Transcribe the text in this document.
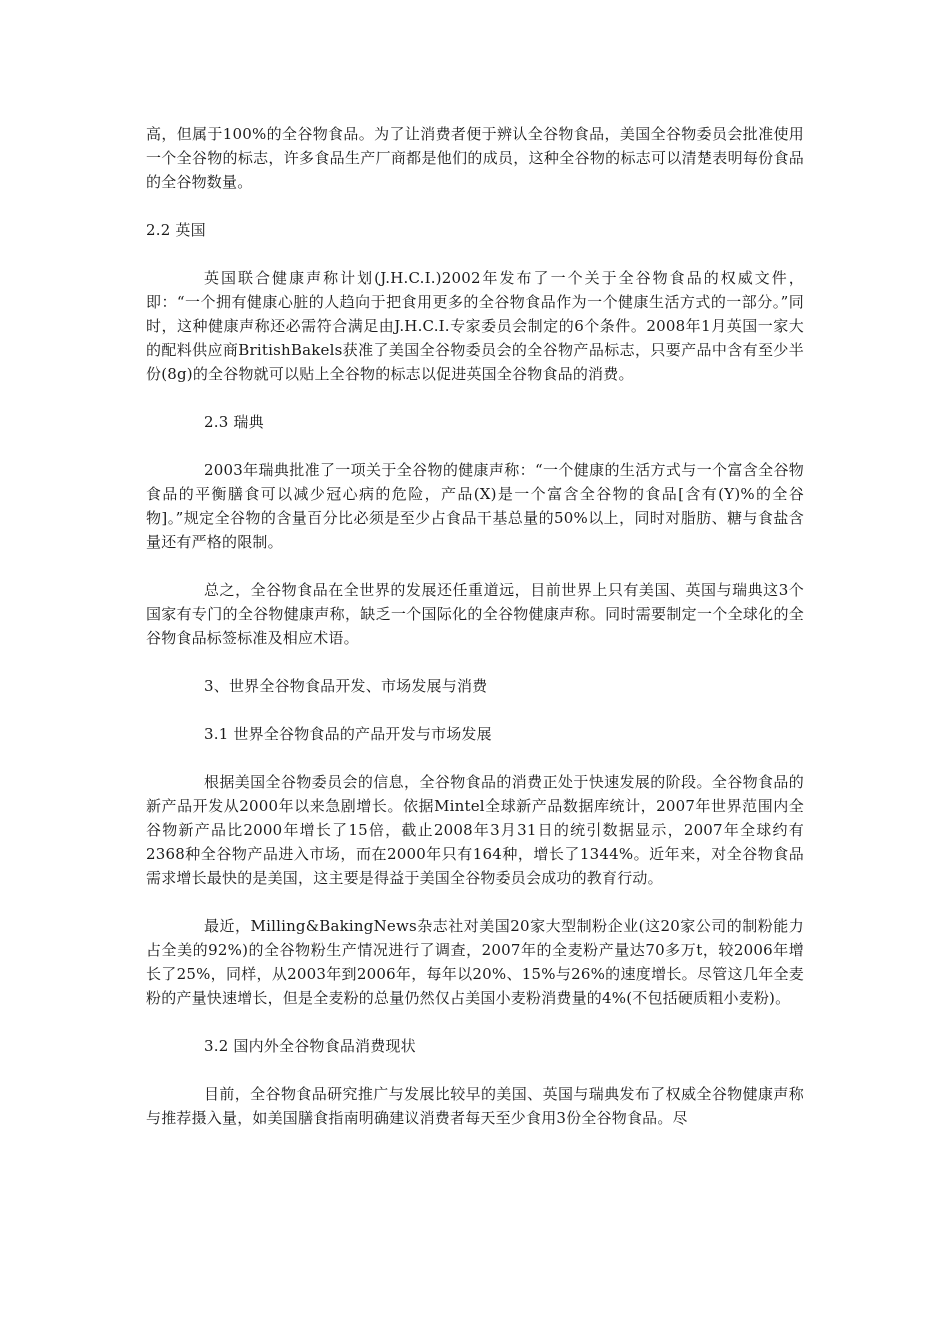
高，但属于100%的全谷物食品。为了让消费者便于辨认全谷物食品，美国全谷物委员会批准使用一个全谷物的标志，许多食品生产厂商都是他们的成员，这种全谷物的标志可以清楚表明每份食品的全谷物数量。

2.2 英国

英国联合健康声称计划(J.H.C.I.)2002年发布了一个关于全谷物食品的权威文件，即：“一个拥有健康心脏的人趋向于把食用更多的全谷物食品作为一个健康生活方式的一部分。”同时，这种健康声称还必需符合满足由J.H.C.I.专家委员会制定的6个条件。2008年1月英国一家大的配料供应商BritishBakels获准了美国全谷物委员会的全谷物产品标志，只要产品中含有至少半份(8g)的全谷物就可以贴上全谷物的标志以促进英国全谷物食品的消费。

2.3 瑞典

2003年瑞典批准了一项关于全谷物的健康声称：“一个健康的生活方式与一个富含全谷物食品的平衡膳食可以减少冠心病的危险，产品(X)是一个富含全谷物的食品[含有(Y)%的全谷物]。”规定全谷物的含量百分比必须是至少占食品干基总量的50%以上，同时对脂肪、糖与食盐含量还有严格的限制。

总之，全谷物食品在全世界的发展还任重道远，目前世界上只有美国、英国与瑞典这3个国家有专门的全谷物健康声称，缺乏一个国际化的全谷物健康声称。同时需要制定一个全球化的全谷物食品标签标准及相应术语。

3、世界全谷物食品开发、市场发展与消费

3.1 世界全谷物食品的产品开发与市场发展

根据美国全谷物委员会的信息，全谷物食品的消费正处于快速发展的阶段。全谷物食品的新产品开发从2000年以来急剧增长。依据Mintel全球新产品数据库统计，2007年世界范围内全谷物新产品比2000年增长了15倍，截止2008年3月31日的统引数据显示，2007年全球约有2368种全谷物产品进入市场，而在2000年只有164种，增长了1344%。近年来，对全谷物食品需求增长最快的是美国，这主要是得益于美国全谷物委员会成功的教育行动。

最近，Milling&BakingNews杂志社对美国20家大型制粉企业(这20家公司的制粉能力占全美的92%)的全谷物粉生产情况进行了调查，2007年的全麦粉产量达70多万t，较2006年增长了25%，同样，从2003年到2006年，每年以20%、15%与26%的速度增长。尽管这几年全麦粉的产量快速增长，但是全麦粉的总量仍然仅占美国小麦粉消费量的4%(不包括硬质粗小麦粉)。

3.2 国内外全谷物食品消费现状

目前，全谷物食品研究推广与发展比较早的美国、英国与瑞典发布了权威全谷物健康声称与推荐摄入量，如美国膳食指南明确建议消费者每天至少食用3份全谷物食品。尽
